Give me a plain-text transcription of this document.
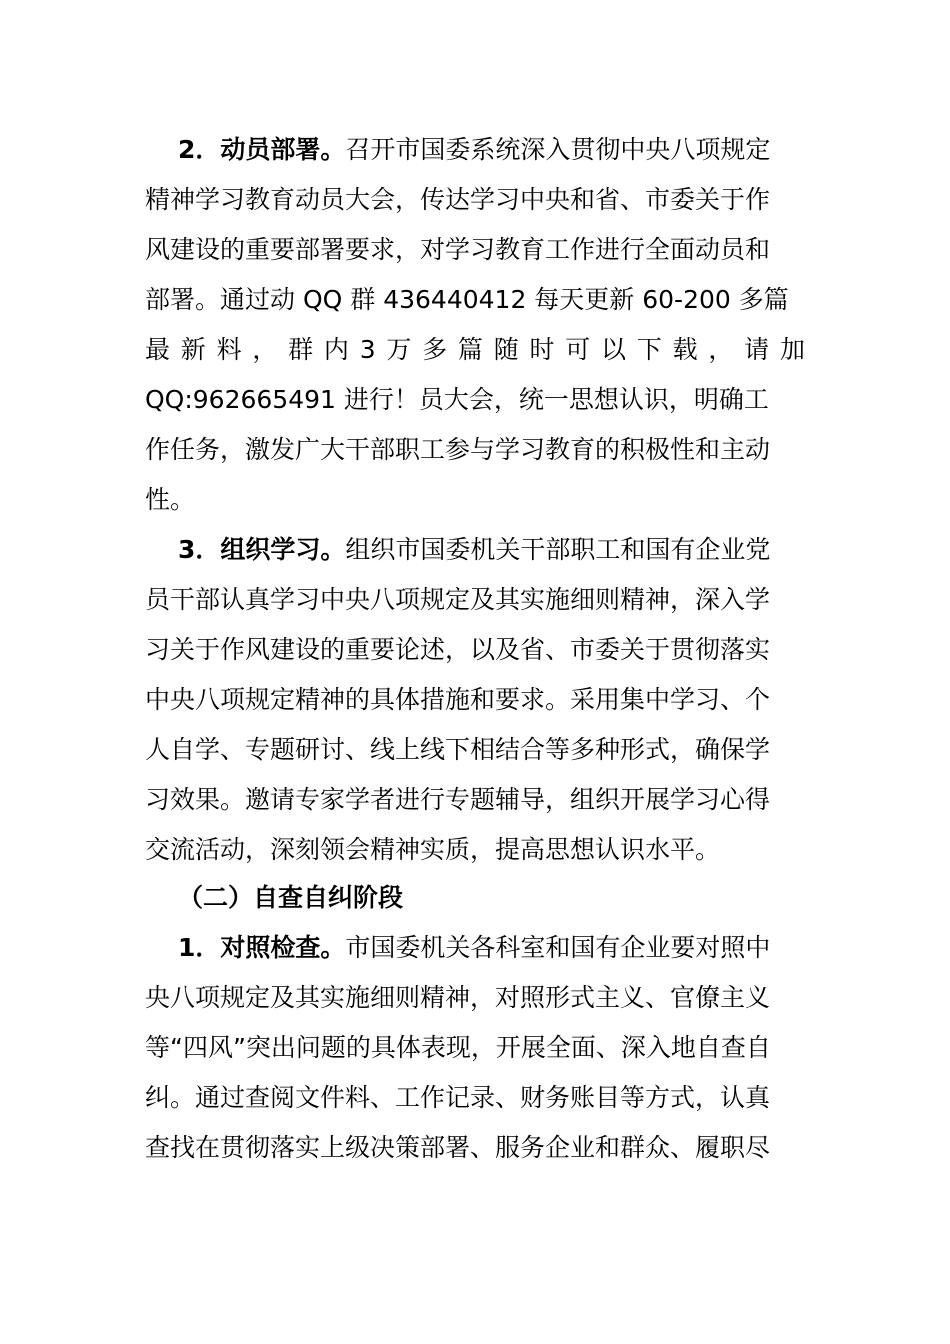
2．动员部署。召开市国委系统深入贯彻中央八项规定
精神学习教育动员大会，传达学习中央和省、市委关于作
风建设的重要部署要求，对学习教育工作进行全面动员和
部署。通过动 QQ 群 436440412 每天更新 60-200 多篇
最 新 料 ， 群 内 3 万 多 篇 随 时 可 以 下 载 ， 请 加
QQ:962665491 进行！员大会，统一思想认识，明确工
作任务，激发广大干部职工参与学习教育的积极性和主动
性。
3．组织学习。组织市国委机关干部职工和国有企业党
员干部认真学习中央八项规定及其实施细则精神，深入学
习关于作风建设的重要论述，以及省、市委关于贯彻落实
中央八项规定精神的具体措施和要求。采用集中学习、个
人自学、专题研讨、线上线下相结合等多种形式，确保学
习效果。邀请专家学者进行专题辅导，组织开展学习心得
交流活动，深刻领会精神实质，提高思想认识水平。
（二）自查自纠阶段
1．对照检查。市国委机关各科室和国有企业要对照中
央八项规定及其实施细则精神，对照形式主义、官僚主义
等“四风”突出问题的具体表现，开展全面、深入地自查自
纠。通过查阅文件料、工作记录、财务账目等方式，认真
查找在贯彻落实上级决策部署、服务企业和群众、履职尽
